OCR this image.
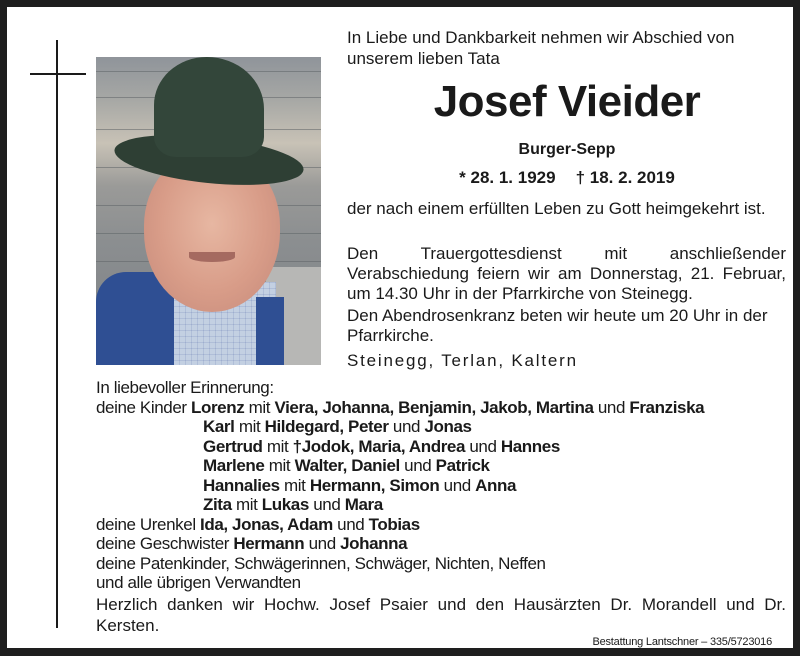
In Liebe und Dankbarkeit nehmen wir Abschied von unserem lieben Tata
Josef Vieider
Burger-Sepp
* 28. 1. 1929 † 18. 2. 2019
der nach einem erfüllten Leben zu Gott heimgekehrt ist.
Den Trauergottesdienst mit anschließender Verabschiedung feiern wir am Donnerstag, 21. Februar, um 14.30 Uhr in der Pfarrkirche von Steinegg.
Den Abendrosenkranz beten wir heute um 20 Uhr in der Pfarrkirche.
Steinegg, Terlan, Kaltern
In liebevoller Erinnerung:
deine Kinder Lorenz mit Viera, Johanna, Benjamin, Jakob, Martina und Franziska
Karl mit Hildegard, Peter und Jonas
Gertrud mit †Jodok, Maria, Andrea und Hannes
Marlene mit Walter, Daniel und Patrick
Hannalies mit Hermann, Simon und Anna
Zita mit Lukas und Mara
deine Urenkel Ida, Jonas, Adam und Tobias
deine Geschwister Hermann und Johanna
deine Patenkinder, Schwägerinnen, Schwäger, Nichten, Neffen
und alle übrigen Verwandten
Herzlich danken wir Hochw. Josef Psaier und den Hausärzten Dr. Morandell und Dr. Kersten.
Bestattung Lantschner – 335/5723016
